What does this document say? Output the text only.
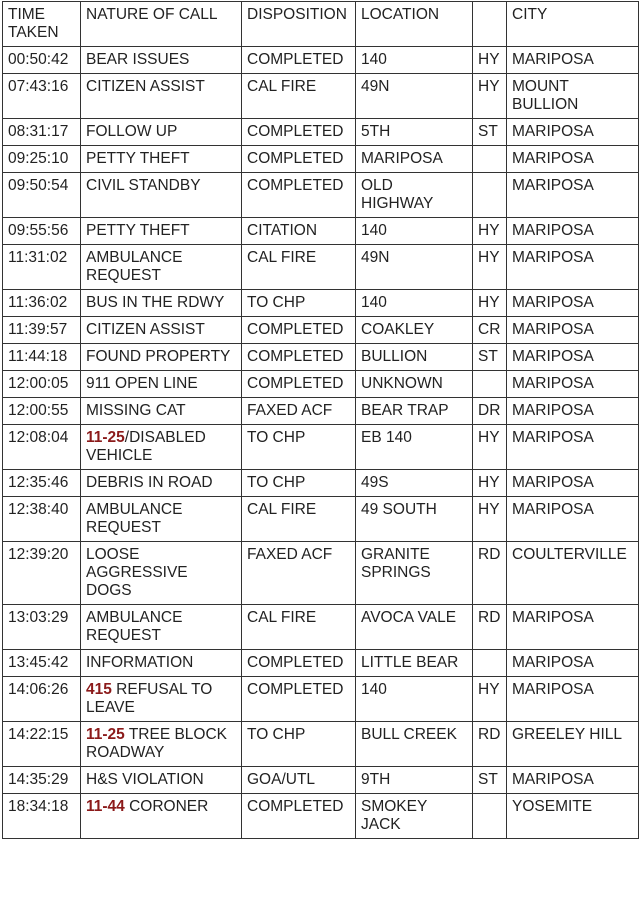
TIME TAKEN	NATURE OF CALL	DISPOSITION	LOCATION		CITY
00:50:42	BEAR ISSUES	COMPLETED	140	HY	MARIPOSA
07:43:16	CITIZEN ASSIST	CAL FIRE	49N	HY	MOUNT BULLION
08:31:17	FOLLOW UP	COMPLETED	5TH	ST	MARIPOSA
09:25:10	PETTY THEFT	COMPLETED	MARIPOSA		MARIPOSA
09:50:54	CIVIL STANDBY	COMPLETED	OLD HIGHWAY		MARIPOSA
09:55:56	PETTY THEFT	CITATION	140	HY	MARIPOSA
11:31:02	AMBULANCE REQUEST	CAL FIRE	49N	HY	MARIPOSA
11:36:02	BUS IN THE RDWY	TO CHP	140	HY	MARIPOSA
11:39:57	CITIZEN ASSIST	COMPLETED	COAKLEY	CR	MARIPOSA
11:44:18	FOUND PROPERTY	COMPLETED	BULLION	ST	MARIPOSA
12:00:05	911 OPEN LINE	COMPLETED	UNKNOWN		MARIPOSA
12:00:55	MISSING CAT	FAXED ACF	BEAR TRAP	DR	MARIPOSA
12:08:04	11-25/DISABLED VEHICLE	TO CHP	EB 140	HY	MARIPOSA
12:35:46	DEBRIS IN ROAD	TO CHP	49S	HY	MARIPOSA
12:38:40	AMBULANCE REQUEST	CAL FIRE	49 SOUTH	HY	MARIPOSA
12:39:20	LOOSE AGGRESSIVE DOGS	FAXED ACF	GRANITE SPRINGS	RD	COULTERVILLE
13:03:29	AMBULANCE REQUEST	CAL FIRE	AVOCA VALE	RD	MARIPOSA
13:45:42	INFORMATION	COMPLETED	LITTLE BEAR		MARIPOSA
14:06:26	415 REFUSAL TO LEAVE	COMPLETED	140	HY	MARIPOSA
14:22:15	11-25 TREE BLOCK ROADWAY	TO CHP	BULL CREEK	RD	GREELEY HILL
14:35:29	H&S VIOLATION	GOA/UTL	9TH	ST	MARIPOSA
18:34:18	11-44 CORONER	COMPLETED	SMOKEY JACK		YOSEMITE
